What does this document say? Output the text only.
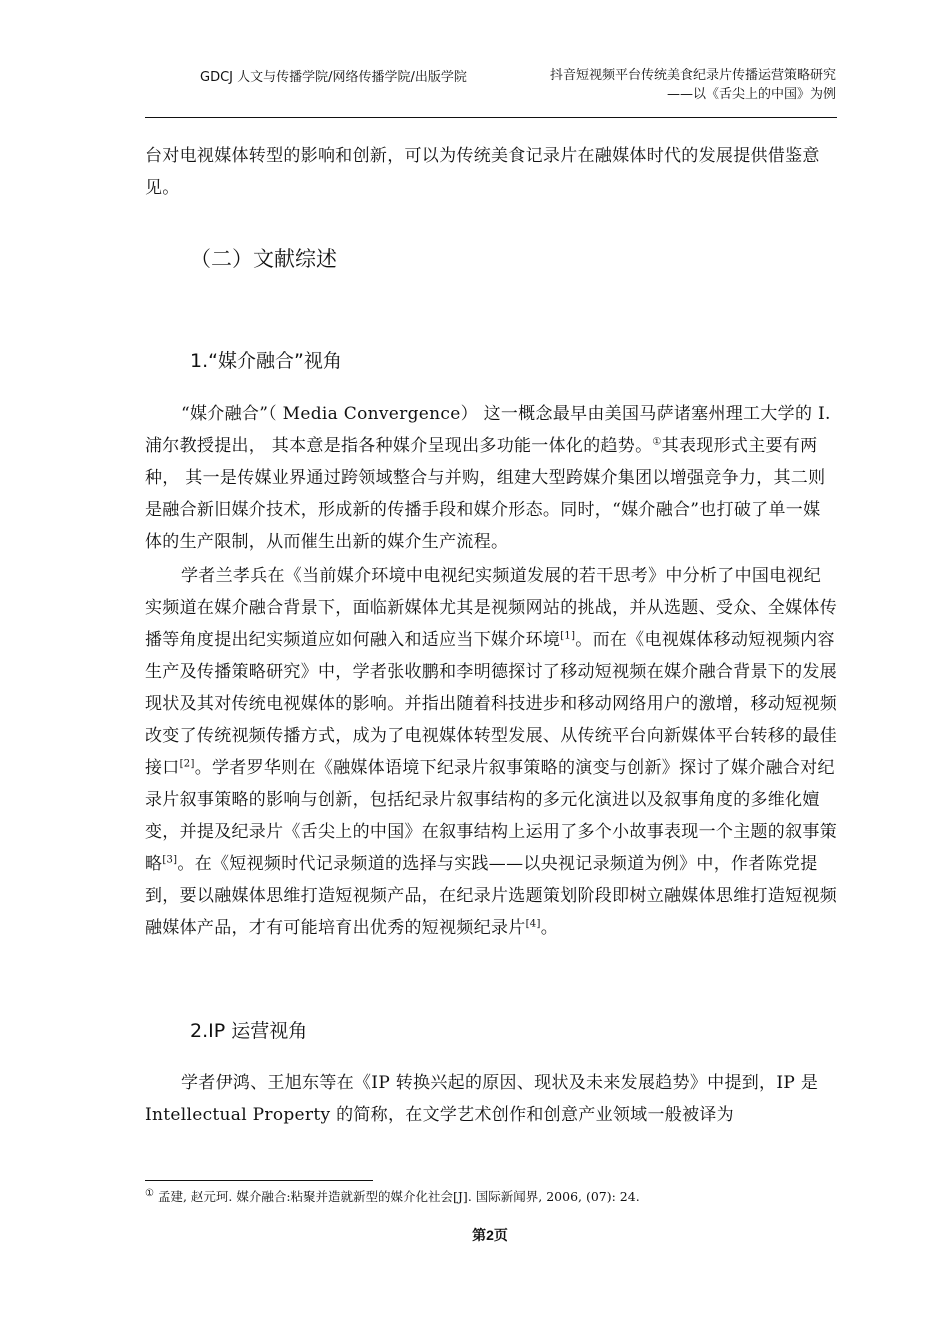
GDCJ 人文与传播学院/网络传播学院/出版学院	抖音短视频平台传统美食纪录片传播运营策略研究
——以《舌尖上的中国》为例
台对电视媒体转型的影响和创新，可以为传统美食记录片在融媒体时代的发展提供借鉴意见。
（二）文献综述
1.“媒介融合”视角
“媒介融合”（ Media Convergence） 这一概念最早由美国马萨诸塞州理工大学的 I.浦尔教授提出， 其本意是指各种媒介呈现出多功能一体化的趋势。①其表现形式主要有两种， 其一是传媒业界通过跨领域整合与并购，组建大型跨媒介集团以增强竞争力，其二则是融合新旧媒介技术，形成新的传播手段和媒介形态。同时，“媒介融合”也打破了单一媒体的生产限制，从而催生出新的媒介生产流程。
学者兰孝兵在《当前媒介环境中电视纪实频道发展的若干思考》中分析了中国电视纪实频道在媒介融合背景下，面临新媒体尤其是视频网站的挑战，并从选题、受众、全媒体传播等角度提出纪实频道应如何融入和适应当下媒介环境[1]。而在《电视媒体移动短视频内容生产及传播策略研究》中，学者张收鹏和李明德探讨了移动短视频在媒介融合背景下的发展现状及其对传统电视媒体的影响。并指出随着科技进步和移动网络用户的激增，移动短视频改变了传统视频传播方式，成为了电视媒体转型发展、从传统平台向新媒体平台转移的最佳接口[2]。学者罗华则在《融媒体语境下纪录片叙事策略的演变与创新》探讨了媒介融合对纪录片叙事策略的影响与创新，包括纪录片叙事结构的多元化演进以及叙事角度的多维化嬗变，并提及纪录片《舌尖上的中国》在叙事结构上运用了多个小故事表现一个主题的叙事策略[3]。在《短视频时代记录频道的选择与实践——以央视记录频道为例》中，作者陈党提到，要以融媒体思维打造短视频产品，在纪录片选题策划阶段即树立融媒体思维打造短视频融媒体产品，才有可能培育出优秀的短视频纪录片[4]。
2.IP 运营视角
学者伊鸿、王旭东等在《IP 转换兴起的原因、现状及未来发展趋势》中提到，IP 是 Intellectual Property 的简称，在文学艺术创作和创意产业领域一般被译为
① 孟建, 赵元珂. 媒介融合:粘聚并造就新型的媒介化社会[J]. 国际新闻界, 2006, (07): 24.
第2页
